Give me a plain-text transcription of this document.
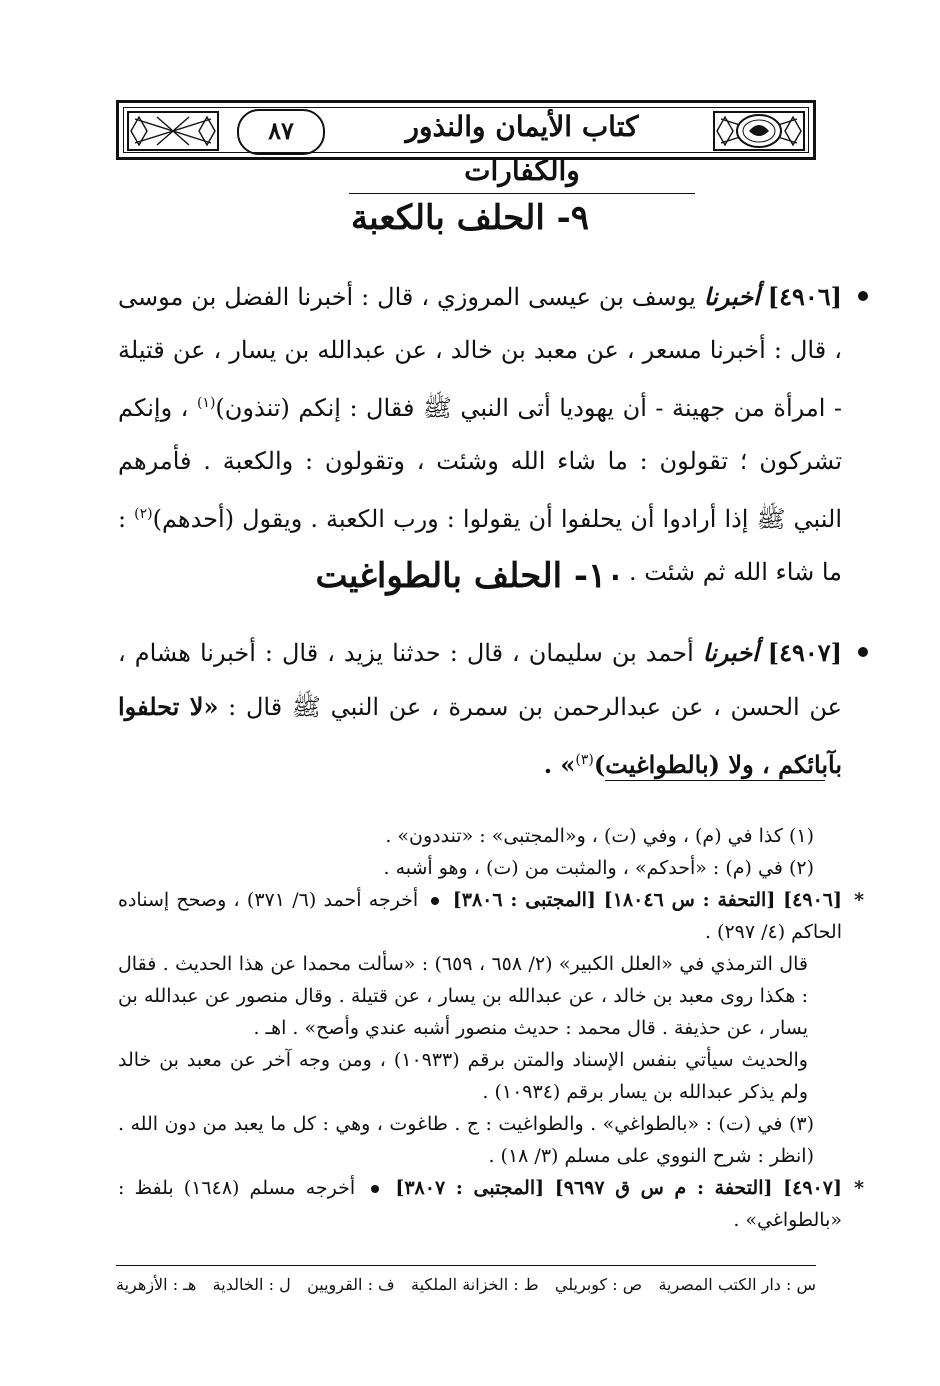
كتاب الأيمان والنذور والكفارات
٨٧
٩- الحلف بالكعبة
[٤٩٠٦] أخبرنا يوسف بن عيسى المروزي ، قال : أخبرنا الفضل بن موسى ، قال : أخبرنا مسعر ، عن معبد بن خالد ، عن عبدالله بن يسار ، عن قتيلة - امرأة من جهينة - أن يهوديا أتى النبي ﷺ فقال : إنكم (تنذون)$^{(١)}$ ، وإنكم تشركون ؛ تقولون : ما شاء الله وشئت ، وتقولون : والكعبة . فأمرهم النبي ﷺ إذا أرادوا أن يحلفوا أن يقولوا : ورب الكعبة . ويقول (أحدهم)$^{(٢)}$ : ما شاء الله ثم شئت .
١٠- الحلف بالطواغيت
[٤٩٠٧] أخبرنا أحمد بن سليمان ، قال : حدثنا يزيد ، قال : أخبرنا هشام ، عن الحسن ، عن عبدالرحمن بن سمرة ، عن النبي ﷺ قال : «لا تحلفوا بآبائكم ، ولا (بالطواغيت)$^{(٣)}$» .

(١) كذا في (م) ، وفي (ت) ، و«المجتبى» : «تنددون» .

(٢) في (م) : «أحدكم» ، والمثبت من (ت) ، وهو أشبه .

*
[٤٩٠٦] [التحفة : س ١٨٠٤٦] [المجتبى : ٣٨٠٦]  أخرجه أحمد (٦/ ٣٧١) ، وصحح إسناده الحاكم (٤/ ٢٩٧) .

قال الترمذي في «العلل الكبير» (٢/ ٦٥٨ ، ٦٥٩) : «سألت محمدا عن هذا الحديث . فقال : هكذا روى معبد بن خالد ، عن عبدالله بن يسار ، عن قتيلة . وقال منصور عن عبدالله بن يسار ، عن حذيفة . قال محمد : حديث منصور أشبه عندي وأصح» . اهـ .

والحديث سيأتي بنفس الإسناد والمتن برقم (١٠٩٣٣) ، ومن وجه آخر عن معبد بن خالد ولم يذكر عبدالله بن يسار برقم (١٠٩٣٤) .

(٣) في (ت) : «بالطواغي» . والطواغيت : ج . طاغوت ، وهي : كل ما يعبد من دون الله . (انظر : شرح النووي على مسلم (٣/ ١٨) .

*
[٤٩٠٧] [التحفة : م س ق ٩٦٩٧] [المجتبى : ٣٨٠٧]  أخرجه مسلم (١٦٤٨) بلفظ : «بالطواغي» .

س : دار الكتب المصرية
ص : كوبريلي
ط : الخزانة الملكية
ف : القرويين
ل : الخالدية
هـ : الأزهرية
